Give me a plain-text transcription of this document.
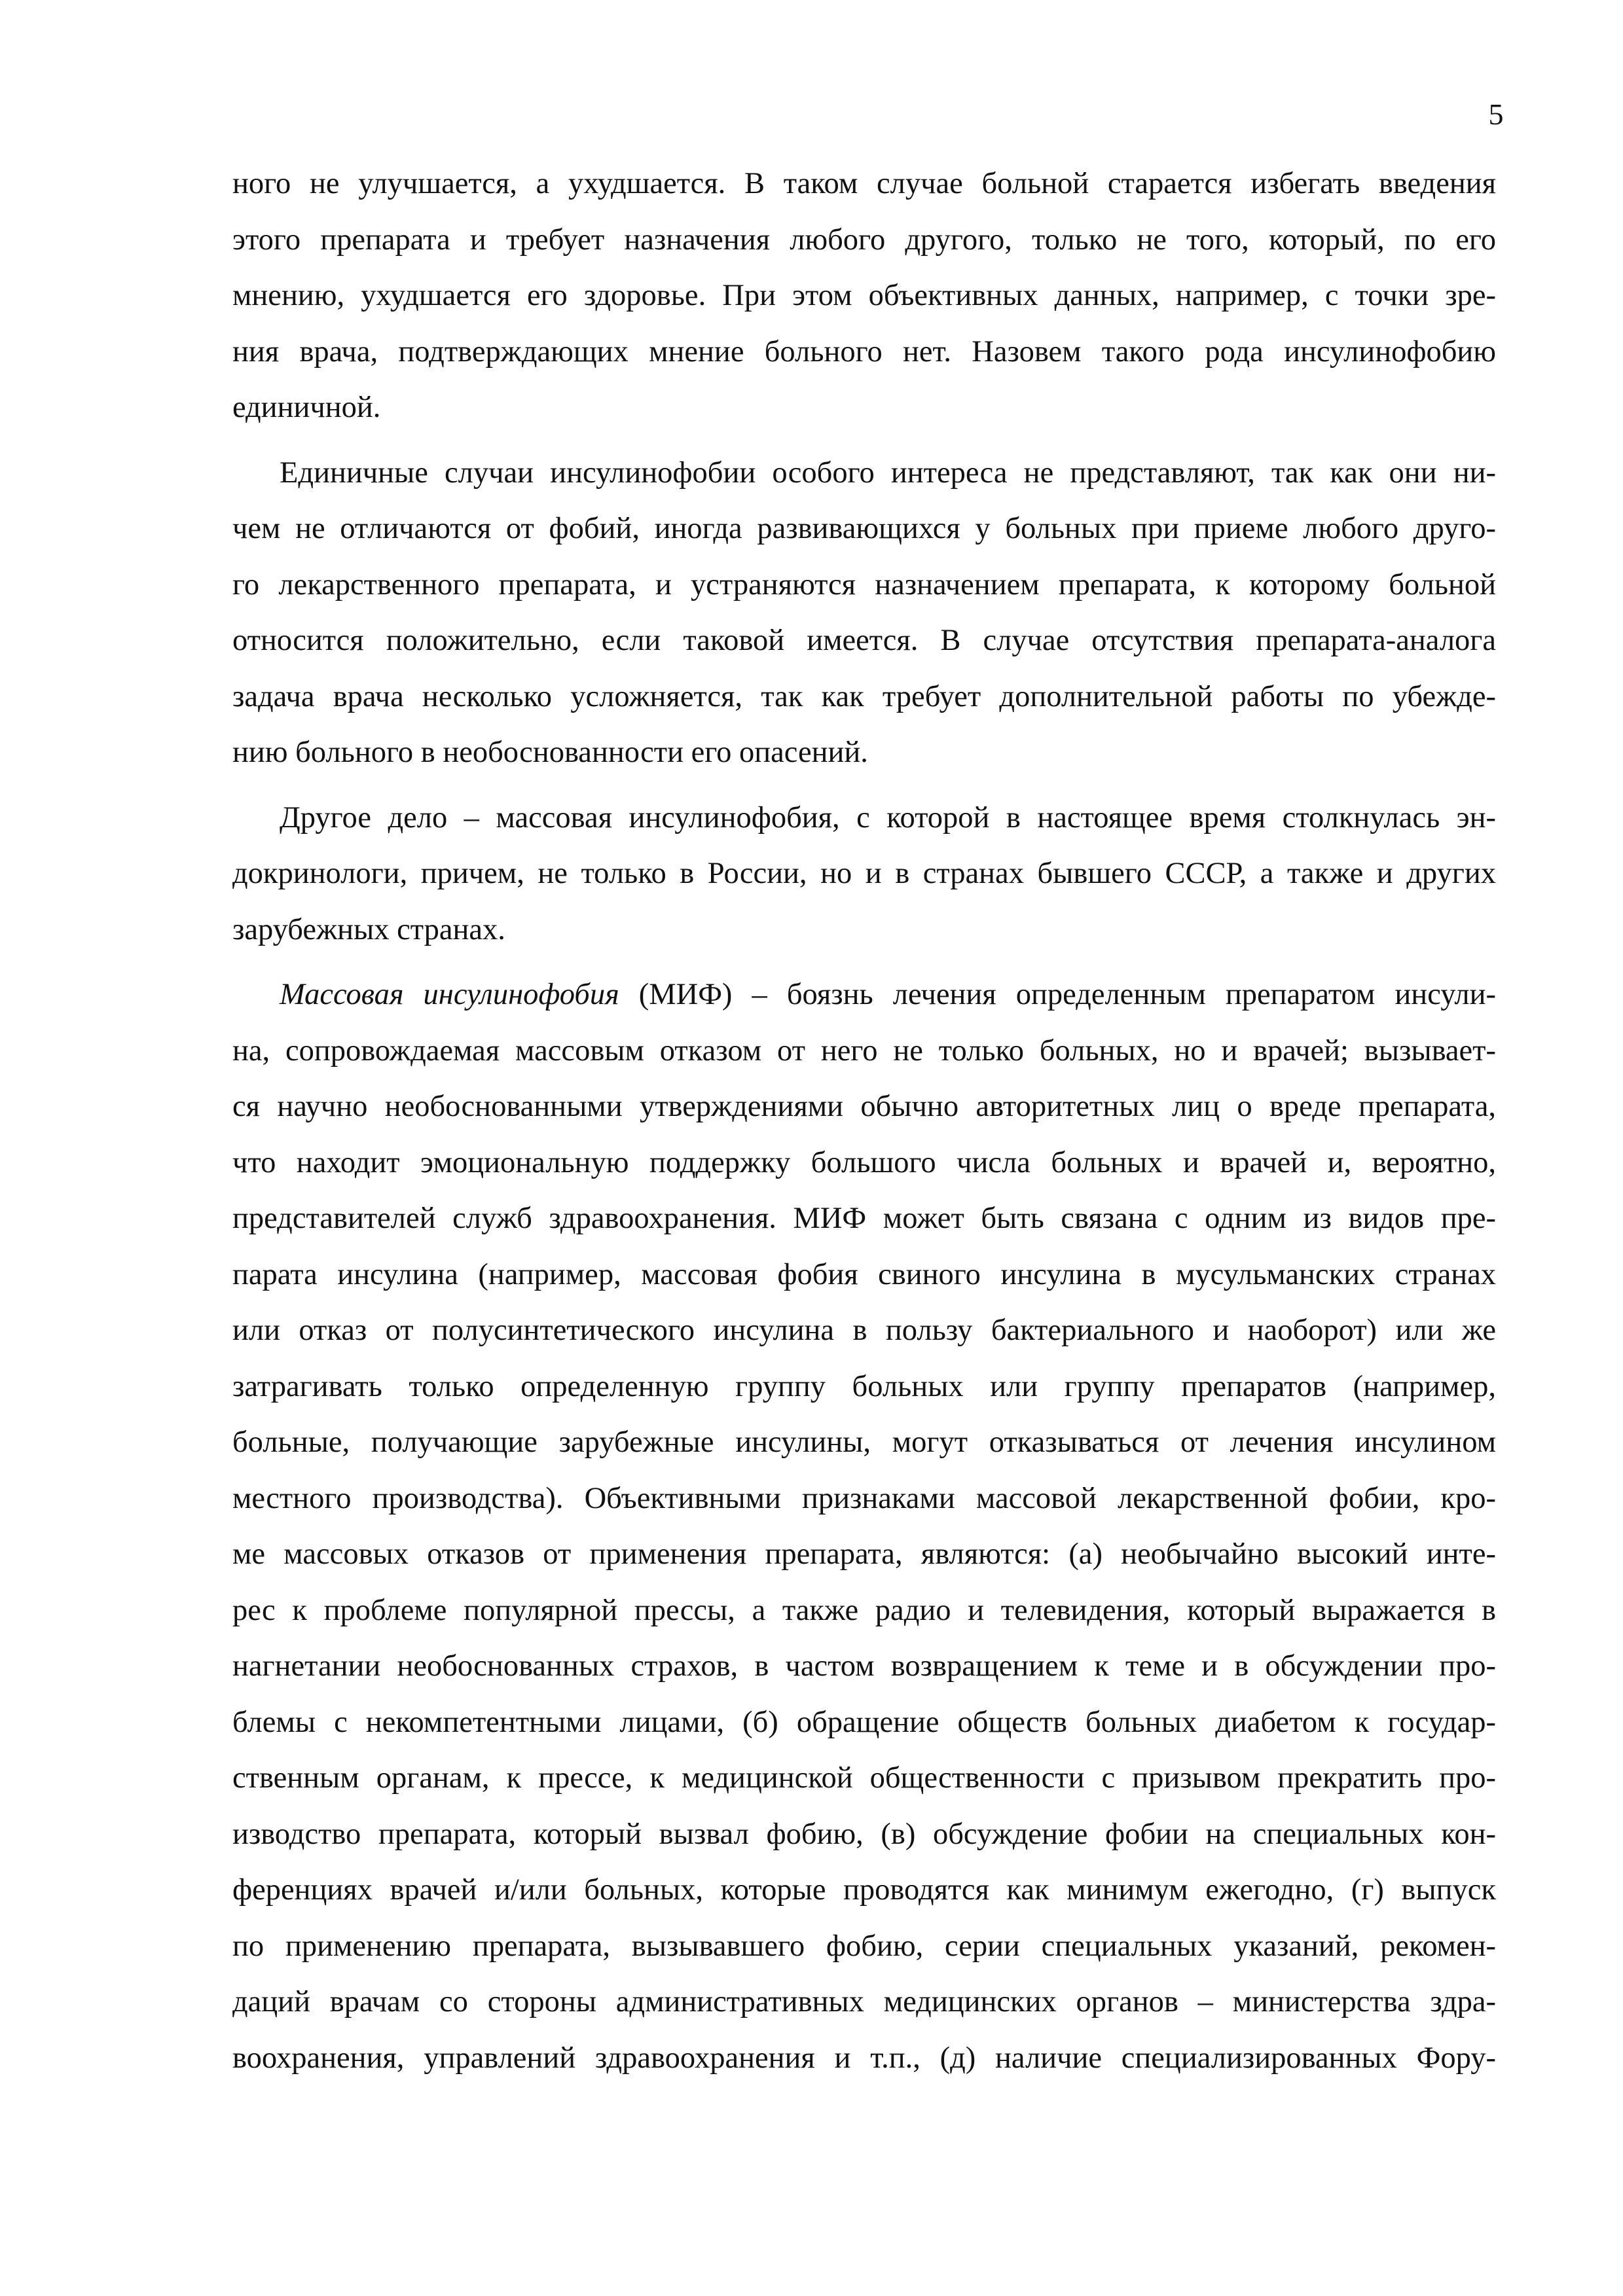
5
ного не улучшается, а ухудшается. В таком случае больной старается избегать введения
этого препарата и требует назначения любого другого, только не того, который, по его
мнению, ухудшается его здоровье. При этом объективных данных, например, с точки зре-
ния врача, подтверждающих мнение больного нет. Назовем такого рода инсулинофобию
единичной.
Единичные случаи инсулинофобии особого интереса не представляют, так как они ни-
чем не отличаются от фобий, иногда развивающихся у больных при приеме любого друго-
го лекарственного препарата, и устраняются назначением препарата, к которому больной
относится положительно, если таковой имеется. В случае отсутствия препарата-аналога
задача врача несколько усложняется, так как требует дополнительной работы по убежде-
нию больного в необоснованности его опасений.
Другое дело – массовая инсулинофобия, с которой в настоящее время столкнулась эн-
докринологи, причем, не только в России, но и в странах бывшего СССР, а также и других
зарубежных странах.
Массовая инсулинофобия (МИФ) – боязнь лечения определенным препаратом инсули-
на, сопровождаемая массовым отказом от него не только больных, но и врачей; вызывает-
ся научно необоснованными утверждениями обычно авторитетных лиц о вреде препарата,
что находит эмоциональную поддержку большого числа больных и врачей и, вероятно,
представителей служб здравоохранения. МИФ может быть связана с одним из видов пре-
парата инсулина (например, массовая фобия свиного инсулина в мусульманских странах
или отказ от полусинтетического инсулина в пользу бактериального и наоборот) или же
затрагивать только определенную группу больных или группу препаратов (например,
больные, получающие зарубежные инсулины, могут отказываться от лечения инсулином
местного производства). Объективными признаками массовой лекарственной фобии, кро-
ме массовых отказов от применения препарата, являются: (а) необычайно высокий инте-
рес к проблеме популярной прессы, а также радио и телевидения, который выражается в
нагнетании необоснованных страхов, в частом возвращением к теме и в обсуждении про-
блемы с некомпетентными лицами, (б) обращение обществ больных диабетом к государ-
ственным органам, к прессе, к медицинской общественности с призывом прекратить про-
изводство препарата, который вызвал фобию, (в) обсуждение фобии на специальных кон-
ференциях врачей и/или больных, которые проводятся как минимум ежегодно, (г) выпуск
по применению препарата, вызывавшего фобию, серии специальных указаний, рекомен-
даций врачам со стороны административных медицинских органов – министерства здра-
воохранения, управлений здравоохранения и т.п., (д) наличие специализированных Фору-
